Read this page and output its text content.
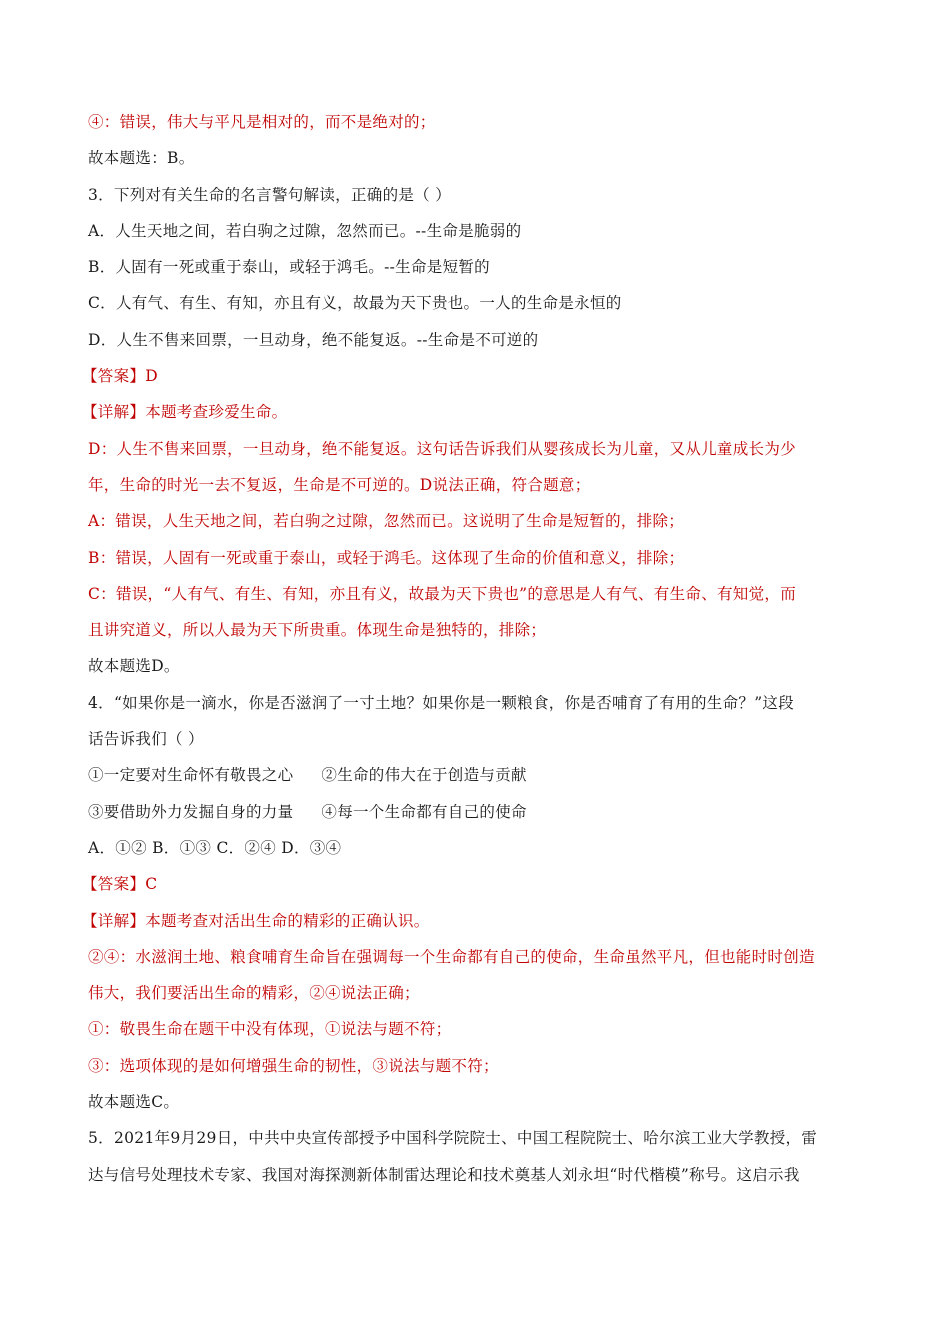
④：错误，伟大与平凡是相对的，而不是绝对的；
故本题选：B。
3．下列对有关生命的名言警句解读，正确的是（ ）
A．人生天地之间，若白驹之过隙，忽然而已。--生命是脆弱的
B．人固有一死或重于泰山，或轻于鸿毛。--生命是短暂的
C．人有气、有生、有知，亦且有义，故最为天下贵也。一人的生命是永恒的
D．人生不售来回票，一旦动身，绝不能复返。--生命是不可逆的
【答案】D
【详解】本题考查珍爱生命。
D：人生不售来回票，一旦动身，绝不能复返。这句话告诉我们从婴孩成长为儿童，又从儿童成长为少
年，生命的时光一去不复返，生命是不可逆的。D说法正确，符合题意；
A：错误，人生天地之间，若白驹之过隙，忽然而已。这说明了生命是短暂的，排除；
B：错误，人固有一死或重于泰山，或轻于鸿毛。这体现了生命的价值和意义，排除；
C：错误，“人有气、有生、有知，亦且有义，故最为天下贵也”的意思是人有气、有生命、有知觉，而
且讲究道义，所以人最为天下所贵重。体现生命是独特的，排除；
故本题选D。
4．“如果你是一滴水，你是否滋润了一寸土地？如果你是一颗粮食，你是否哺育了有用的生命？”这段
话告诉我们（ ）
①一定要对生命怀有敬畏之心 ②生命的伟大在于创造与贡献
③要借助外力发掘自身的力量 ④每一个生命都有自己的使命
A．①② B．①③ C．②④ D．③④
【答案】C
【详解】本题考查对活出生命的精彩的正确认识。
②④：水滋润土地、粮食哺育生命旨在强调每一个生命都有自己的使命，生命虽然平凡，但也能时时创造
伟大，我们要活出生命的精彩，②④说法正确；
①：敬畏生命在题干中没有体现，①说法与题不符；
③：选项体现的是如何增强生命的韧性，③说法与题不符；
故本题选C。
5．2021年9月29日，中共中央宣传部授予中国科学院院士、中国工程院院士、哈尔滨工业大学教授，雷
达与信号处理技术专家、我国对海探测新体制雷达理论和技术奠基人刘永坦“时代楷模”称号。这启示我
